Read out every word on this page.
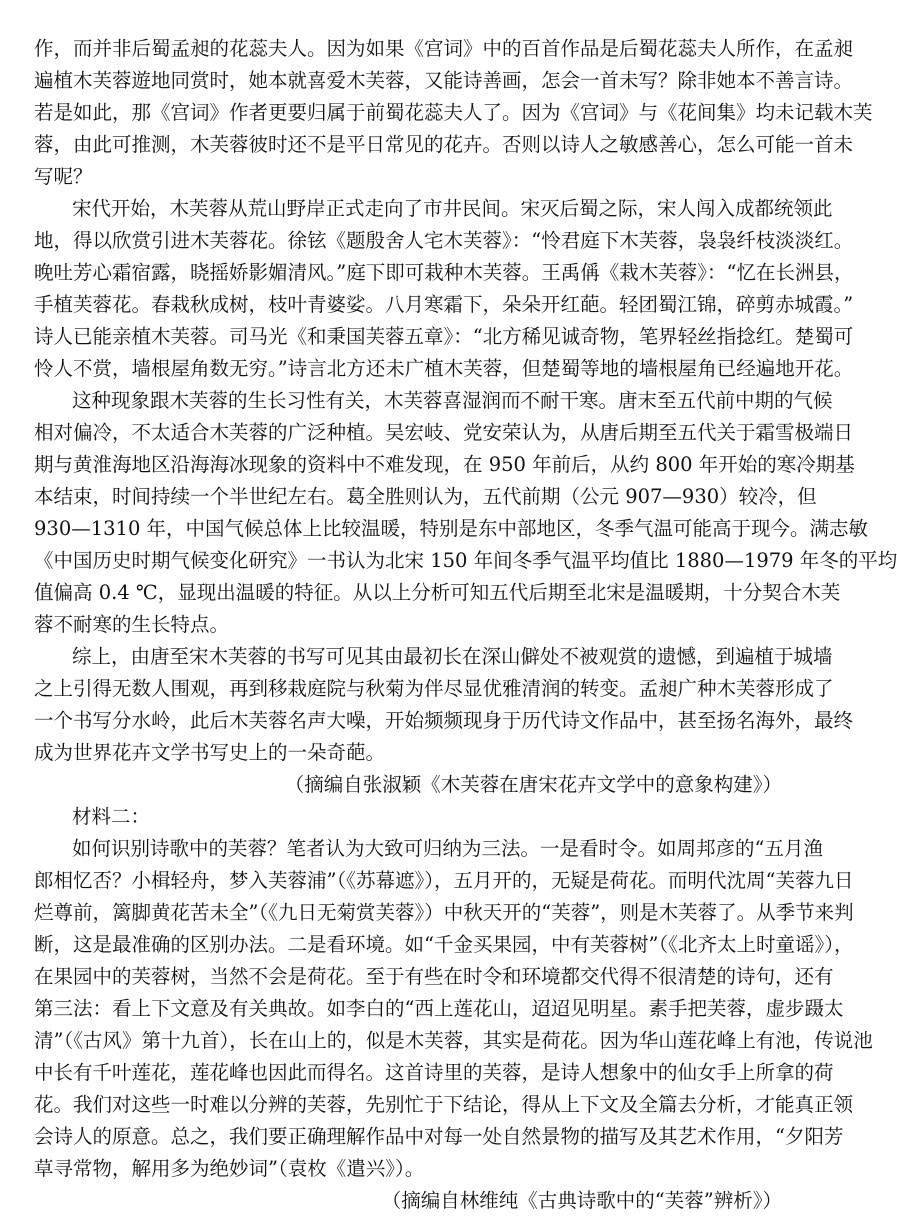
作，而并非后蜀孟昶的花蕊夫人。因为如果《宫词》中的百首作品是后蜀花蕊夫人所作，在孟昶
遍植木芙蓉遊地同赏时，她本就喜爱木芙蓉，又能诗善画，怎会一首未写？除非她本不善言诗。
若是如此，那《宫词》作者更要归属于前蜀花蕊夫人了。因为《宫词》与《花间集》均未记载木芙
蓉，由此可推测，木芙蓉彼时还不是平日常见的花卉。否则以诗人之敏感善心，怎么可能一首未
写呢？
宋代开始，木芙蓉从荒山野岸正式走向了市井民间。宋灭后蜀之际，宋人闯入成都统领此
地，得以欣赏引进木芙蓉花。徐铉《题殷舍人宅木芙蓉》：“怜君庭下木芙蓉，袅袅纤枝淡淡红。
晚吐芳心霜宿露，晓摇娇影媚清风。”庭下即可栽种木芙蓉。王禹偁《栽木芙蓉》：“忆在长洲县，
手植芙蓉花。春栽秋成树，枝叶青婆娑。八月寒霜下，朵朵开红葩。轻团蜀江锦，碎剪赤城霞。”
诗人已能亲植木芙蓉。司马光《和秉国芙蓉五章》：“北方稀见诚奇物，笔界轻丝指捻红。楚蜀可
怜人不赏，墙根屋角数无穷。”诗言北方还未广植木芙蓉，但楚蜀等地的墙根屋角已经遍地开花。
这种现象跟木芙蓉的生长习性有关，木芙蓉喜湿润而不耐干寒。唐末至五代前中期的气候
相对偏冷，不太适合木芙蓉的广泛种植。吴宏岐、党安荣认为，从唐后期至五代关于霜雪极端日
期与黄淮海地区沿海海冰现象的资料中不难发现，在 950 年前后，从约 800 年开始的寒冷期基
本结束，时间持续一个半世纪左右。葛全胜则认为，五代前期（公元 907—930）较冷，但
930—1310 年，中国气候总体上比较温暖，特别是东中部地区，冬季气温可能高于现今。满志敏
《中国历史时期气候变化研究》一书认为北宋 150 年间冬季气温平均值比 1880—1979 年冬的平均
值偏高 0.4 ℃，显现出温暖的特征。从以上分析可知五代后期至北宋是温暖期，十分契合木芙
蓉不耐寒的生长特点。
综上，由唐至宋木芙蓉的书写可见其由最初长在深山僻处不被观赏的遗憾，到遍植于城墙
之上引得无数人围观，再到移栽庭院与秋菊为伴尽显优雅清润的转变。孟昶广种木芙蓉形成了
一个书写分水岭，此后木芙蓉名声大噪，开始频频现身于历代诗文作品中，甚至扬名海外，最终
成为世界花卉文学书写史上的一朵奇葩。
（摘编自张淑颖《木芙蓉在唐宋花卉文学中的意象构建》）
材料二：
如何识别诗歌中的芙蓉？笔者认为大致可归纳为三法。一是看时令。如周邦彦的“五月渔
郎相忆否？小楫轻舟，梦入芙蓉浦”（《苏幕遮》），五月开的，无疑是荷花。而明代沈周“芙蓉九日
烂尊前，篱脚黄花苦未全”（《九日无菊赏芙蓉》）中秋天开的“芙蓉”，则是木芙蓉了。从季节来判
断，这是最准确的区别办法。二是看环境。如“千金买果园，中有芙蓉树”（《北齐太上时童谣》），
在果园中的芙蓉树，当然不会是荷花。至于有些在时令和环境都交代得不很清楚的诗句，还有
第三法：看上下文意及有关典故。如李白的“西上莲花山，迢迢见明星。素手把芙蓉，虚步蹑太
清”（《古风》第十九首），长在山上的，似是木芙蓉，其实是荷花。因为华山莲花峰上有池，传说池
中长有千叶莲花，莲花峰也因此而得名。这首诗里的芙蓉，是诗人想象中的仙女手上所拿的荷
花。我们对这些一时难以分辨的芙蓉，先别忙于下结论，得从上下文及全篇去分析，才能真正领
会诗人的原意。总之，我们要正确理解作品中对每一处自然景物的描写及其艺术作用，“夕阳芳
草寻常物，解用多为绝妙词”（袁枚《遣兴》）。
（摘编自林维纯《古典诗歌中的“芙蓉”辨析》）
